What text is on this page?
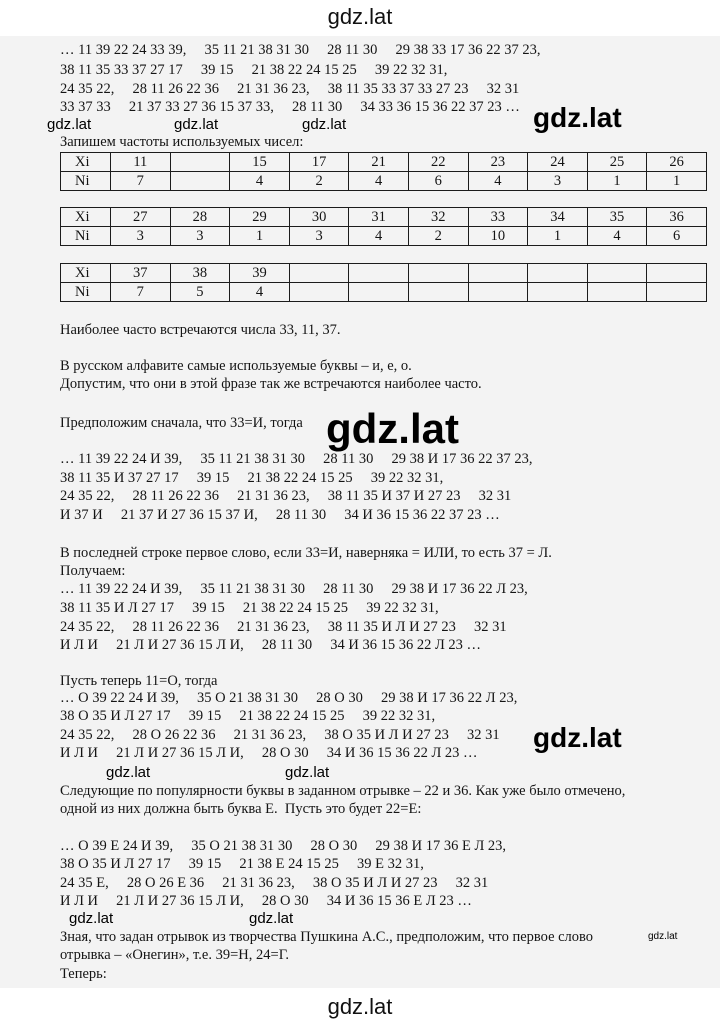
gdz.lat
… 11 39 22 24 33 39,     35 11 21 38 31 30     28 11 30     29 38 33 17 36 22 37 23,
38 11 35 33 37 27 17     39 15     21 38 22 24 15 25     39 22 32 31,
24 35 22,     28 11 26 22 36     21 31 36 23,     38 11 35 33 37 33 27 23     32 31
33 37 33     21 37 33 27 36 15 37 33,     28 11 30     34 33 36 15 36 22 37 23 …
Запишем частоты используемых чисел:
Xi	11		15	17	21	22	23	24	25	26
Ni	7		4	2	4	6	4	3	1	1
Xi	27	28	29	30	31	32	33	34	35	36
Ni	3	3	1	3	4	2	10	1	4	6
Xi	37	38	39							
Ni	7	5	4							
Наиболее часто встречаются числа 33, 11, 37.
В русском алфавите самые используемые буквы – и, е, о.
Допустим, что они в этой фразе так же встречаются наиболее часто.
Предположим сначала, что 33=И, тогда
… 11 39 22 24 И 39,     35 11 21 38 31 30     28 11 30     29 38 И 17 36 22 37 23,
38 11 35 И 37 27 17     39 15     21 38 22 24 15 25     39 22 32 31,
24 35 22,     28 11 26 22 36     21 31 36 23,     38 11 35 И 37 И 27 23     32 31
И 37 И     21 37 И 27 36 15 37 И,     28 11 30     34 И 36 15 36 22 37 23 …
В последней строке первое слово, если 33=И, наверняка = ИЛИ, то есть 37 = Л.
Получаем:
… 11 39 22 24 И 39,     35 11 21 38 31 30     28 11 30     29 38 И 17 36 22 Л 23,
38 11 35 И Л 27 17     39 15     21 38 22 24 15 25     39 22 32 31,
24 35 22,     28 11 26 22 36     21 31 36 23,     38 11 35 И Л И 27 23     32 31
И Л И     21 Л И 27 36 15 Л И,     28 11 30     34 И 36 15 36 22 Л 23 …
Пусть теперь 11=О, тогда
… О 39 22 24 И 39,     35 О 21 38 31 30     28 О 30     29 38 И 17 36 22 Л 23,
38 О 35 И Л 27 17     39 15     21 38 22 24 15 25     39 22 32 31,
24 35 22,     28 О 26 22 36     21 31 36 23,     38 О 35 И Л И 27 23     32 31
И Л И     21 Л И 27 36 15 Л И,     28 О 30     34 И 36 15 36 22 Л 23 …
Следующие по популярности буквы в заданном отрывке – 22 и 36. Как уже было отмечено,
одной из них должна быть буква Е.  Пусть это будет 22=Е:
… О 39 Е 24 И 39,     35 О 21 38 31 30     28 О 30     29 38 И 17 36 Е Л 23,
38 О 35 И Л 27 17     39 15     21 38 Е 24 15 25     39 Е 32 31,
24 35 Е,     28 О 26 Е 36     21 31 36 23,     38 О 35 И Л И 27 23     32 31
И Л И     21 Л И 27 36 15 Л И,     28 О 30     34 И 36 15 36 Е Л 23 …
Зная, что задан отрывок из творчества Пушкина А.С., предположим, что первое слово
отрывка – «Онегин», т.е. 39=Н, 24=Г.
Теперь:
gdz.lat	gdz.lat	gdz.lat	gdz.lat
gdz.lat
gdz.lat
gdz.lat	gdz.lat
gdz.lat	gdz.lat
gdz.lat
gdz.lat
